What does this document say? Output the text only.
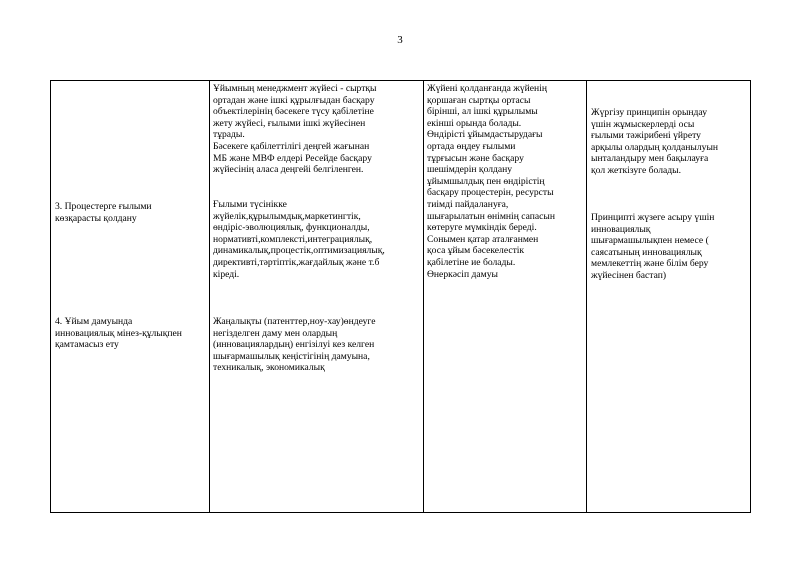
3
3. Процестерге ғылыми
көзқарасты қолдану
Ұйымның менеджмент жүйесі - сыртқы
ортадан және ішкі құрылғыдан басқару
объектілерінің бәсекеге түсу қабілетіне
жету жүйесі, ғылыми ішкі жүйесінен
тұрады.
Бәсекеге қабілеттілігі деңгей жағынан
МБ және МВФ елдері Ресейде басқару
жүйесінің аласа деңгейі белгіленген.
Ғылыми түсінікке
жүйелік,құрылымдық,маркетингтік,
өндіріс-эволюциялық, функционалды,
нормативті,комплексті,интеграциялық,
динамикалық,процестік,оптимизациялық,
директивті,тәртіптік,жағдайлық және т.б
кіреді.
Жүйені қолданғанда жүйенің
қоршаған сыртқы ортасы
бірінші, ал ішкі құрылымы
екінші орында болады.
Өндірісті ұйымдастырудағы
ортада өңдеу ғылыми
тұрғысын және басқару
шешімдерін қолдану
ұйымшылдық пен өндірістің
басқару процестерін, ресурсты
тиімді пайдалануға,
шығарылатын өнімнің сапасын
көтеруге мүмкіндік береді.
Сонымен қатар аталғанмен
қоса ұйым бәсекелестік
қабілетіне ие болады.
Өнеркәсіп дамуы
Жүргізу принципін орындау
үшін жұмыскерлерді осы
ғылыми тәжірибені үйрету
арқылы олардың қолданылуын
ынталандыру мен бақылауға
қол жеткізуге болады.
Принципті жүзеге асыру үшін
инновациялық
шығармашылықпен немесе (
саясатының инновациялық
мемлекеттің және білім беру
жүйесінен бастап)
4. Ұйым дамуында
инновациялық мінез-құлықпен
қамтамасыз ету
Жаңалықты (патенттер,ноу-хау)өндеуге
негізделген даму мен олардың
(инновациялардың) енгізілуі кез келген
шығармашылық кеңістігінің дамуына,
техникалық, экономикалық
